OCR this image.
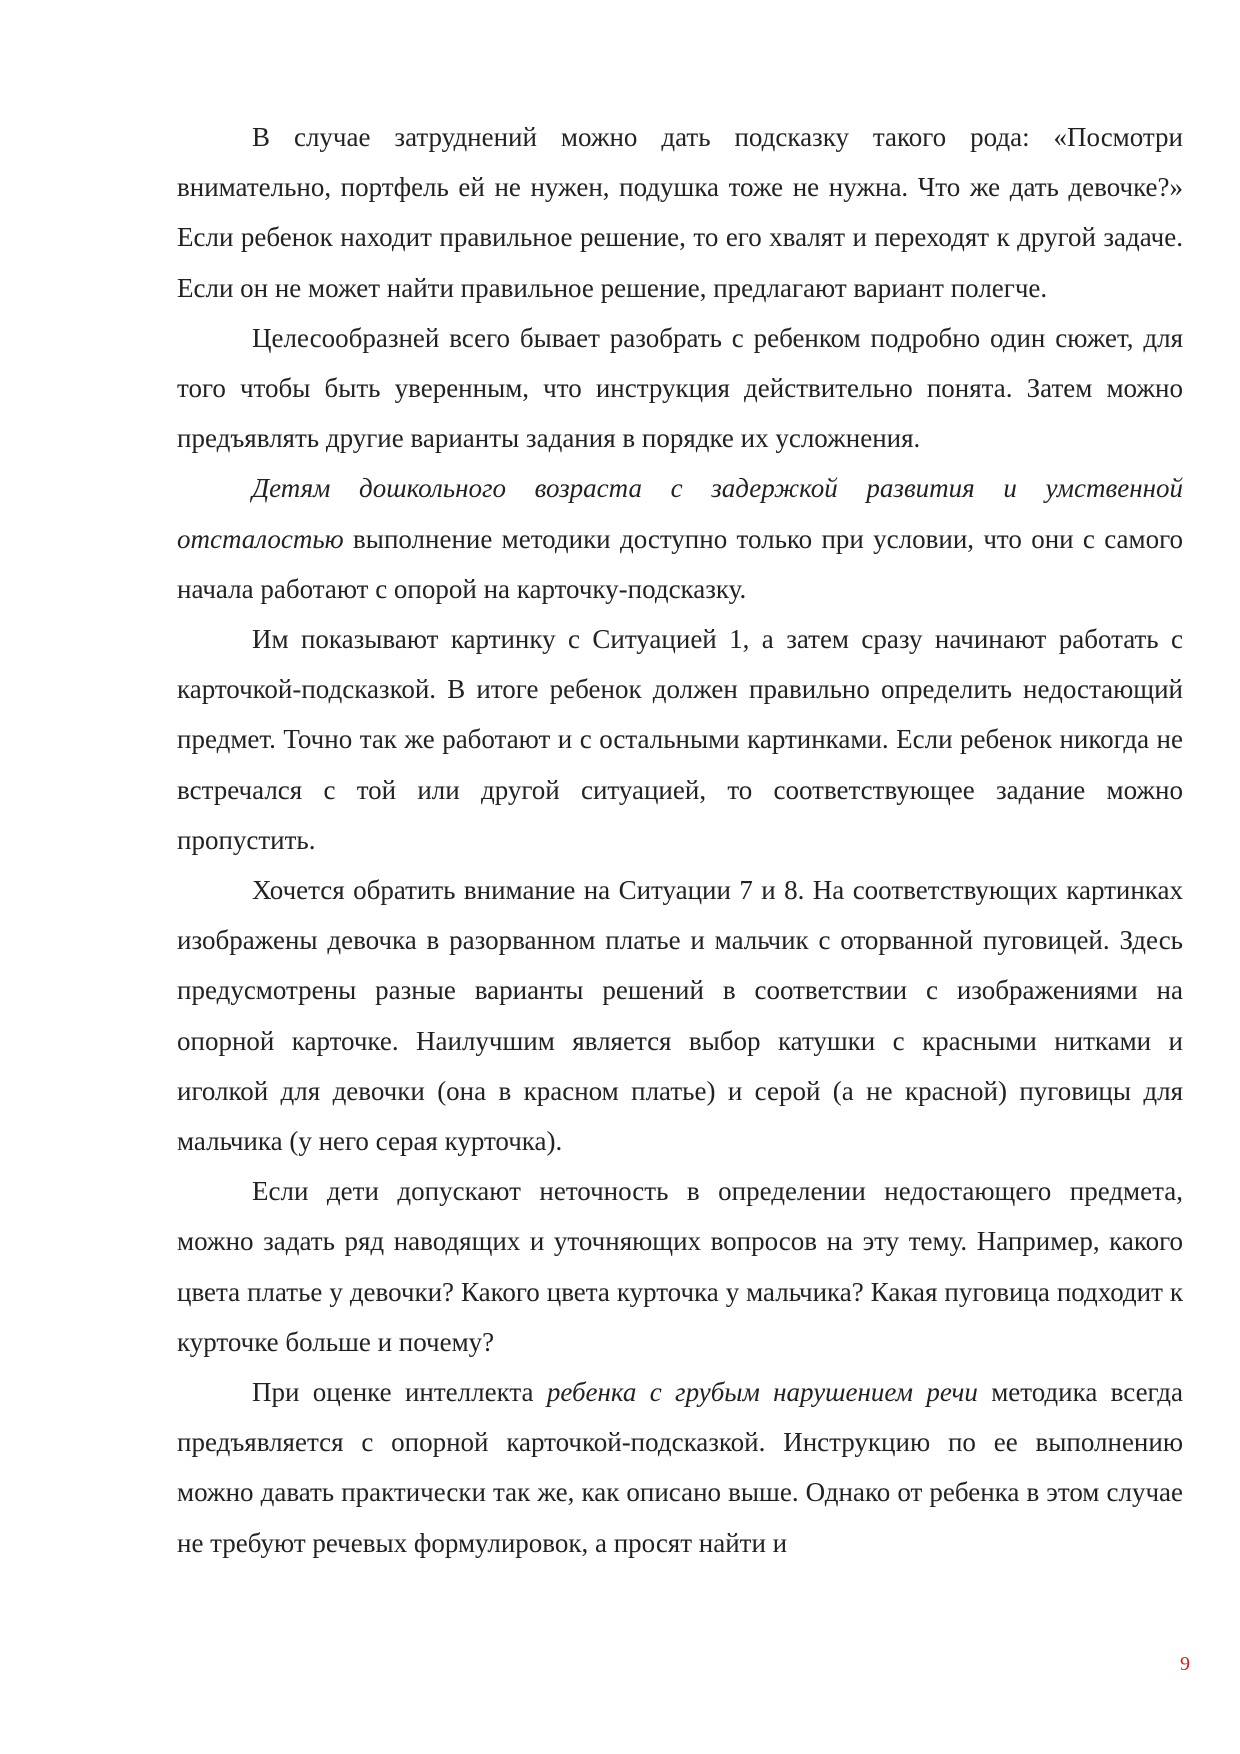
В случае затруднений можно дать подсказку такого рода: «Посмотри внимательно, портфель ей не нужен, подушка тоже не нужна. Что же дать девочке?» Если ребенок находит правильное решение, то его хвалят и переходят к другой задаче. Если он не может найти правильное решение, предлагают вариант полегче.

Целесообразней всего бывает разобрать с ребенком подробно один сюжет, для того чтобы быть уверенным, что инструкция действительно понята. Затем можно предъявлять другие варианты задания в порядке их усложнения.

Детям дошкольного возраста с задержкой развития и умственной отсталостью выполнение методики доступно только при условии, что они с самого начала работают с опорой на карточку-подсказку.

Им показывают картинку с Ситуацией 1, а затем сразу начинают работать с карточкой-подсказкой. В итоге ребенок должен правильно определить недостающий предмет. Точно так же работают и с остальными картинками. Если ребенок никогда не встречался с той или другой ситуацией, то соответствующее задание можно пропустить.

Хочется обратить внимание на Ситуации 7 и 8. На соответствующих картинках изображены девочка в разорванном платье и мальчик с оторванной пуговицей. Здесь предусмотрены разные варианты решений в соответствии с изображениями на опорной карточке. Наилучшим является выбор катушки с красными нитками и иголкой для девочки (она в красном платье) и серой (а не красной) пуговицы для мальчика (у него серая курточка).

Если дети допускают неточность в определении недостающего предмета, можно задать ряд наводящих и уточняющих вопросов на эту тему. Например, какого цвета платье у девочки? Какого цвета курточка у мальчика? Какая пуговица подходит к курточке больше и почему?

При оценке интеллекта ребенка с грубым нарушением речи методика всегда предъявляется с опорной карточкой-подсказкой. Инструкцию по ее выполнению можно давать практически так же, как описано выше. Однако от ребенка в этом случае не требуют речевых формулировок, а просят найти и

9
